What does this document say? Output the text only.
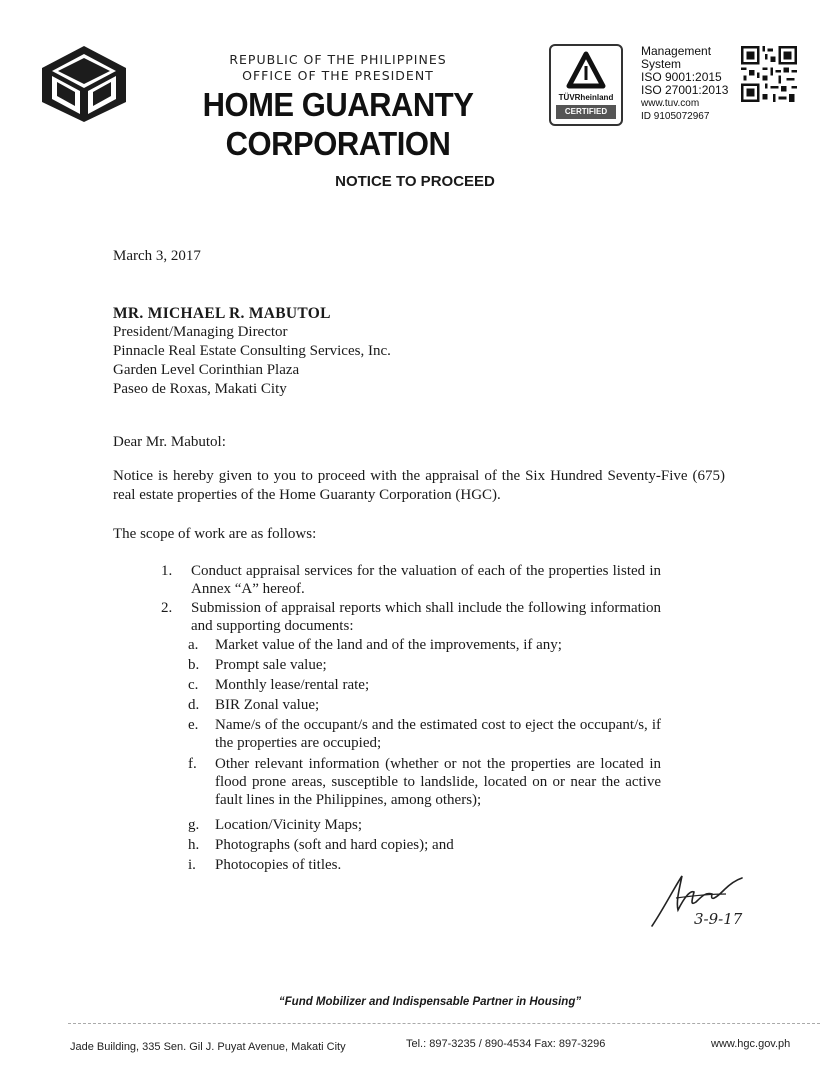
REPUBLIC OF THE PHILIPPINES
OFFICE OF THE PRESIDENT
HOME GUARANTY CORPORATION
TÜVRheinland
CERTIFIED
Management
System
ISO 9001:2015
ISO 27001:2013
www.tuv.com
ID 9105072967
NOTICE TO PROCEED
March 3, 2017
MR. MICHAEL R. MABUTOL
President/Managing Director
Pinnacle Real Estate Consulting Services, Inc.
Garden Level Corinthian Plaza
Paseo de Roxas, Makati City
Dear Mr. Mabutol:
Notice is hereby given to you to proceed with the appraisal of the Six Hundred Seventy-Five (675) real estate properties of the Home Guaranty Corporation (HGC).
The scope of work are as follows:
1. Conduct appraisal services for the valuation of each of the properties listed in Annex “A” hereof.
2. Submission of appraisal reports which shall include the following information and supporting documents:
a. Market value of the land and of the improvements, if any;
b. Prompt sale value;
c. Monthly lease/rental rate;
d. BIR Zonal value;
e. Name/s of the occupant/s and the estimated cost to eject the occupant/s, if the properties are occupied;
f. Other relevant information (whether or not the properties are located in flood prone areas, susceptible to landslide, located on or near the active fault lines in the Philippines, among others);
g. Location/Vicinity Maps;
h. Photographs (soft and hard copies); and
i. Photocopies of titles.
3-9-17
“Fund Mobilizer and Indispensable Partner in Housing”
Jade Building, 335 Sen. Gil J. Puyat Avenue, Makati City	Tel.: 897-3235 / 890-4534 Fax: 897-3296	www.hgc.gov.ph
